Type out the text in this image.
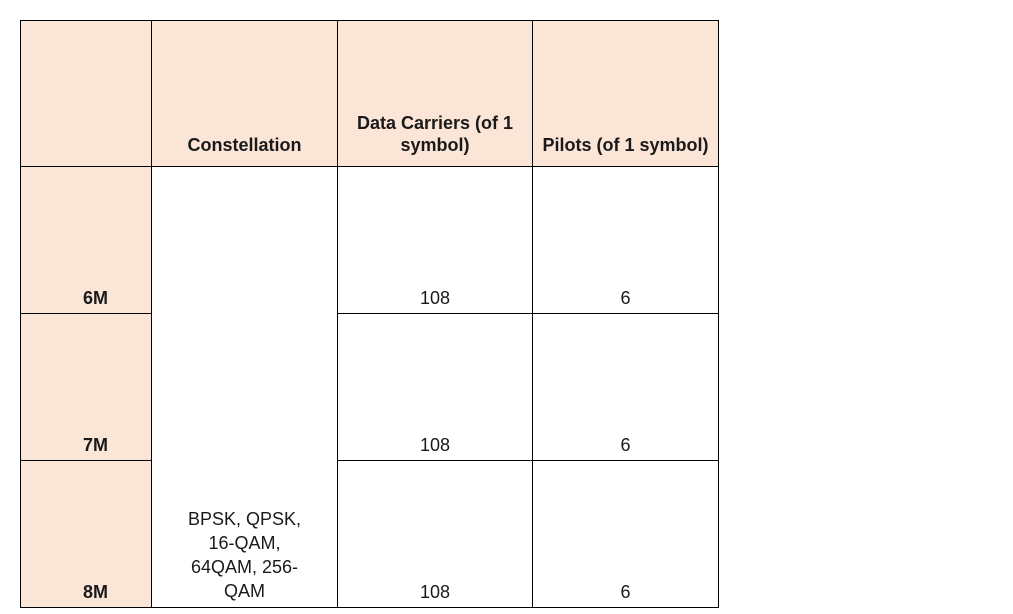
	Constellation	Data Carriers (of 1 symbol)	Pilots (of 1 symbol)
6M	BPSK, QPSK, 16-QAM, 64QAM, 256-QAM	108	6
7M		108	6
8M		108	6
